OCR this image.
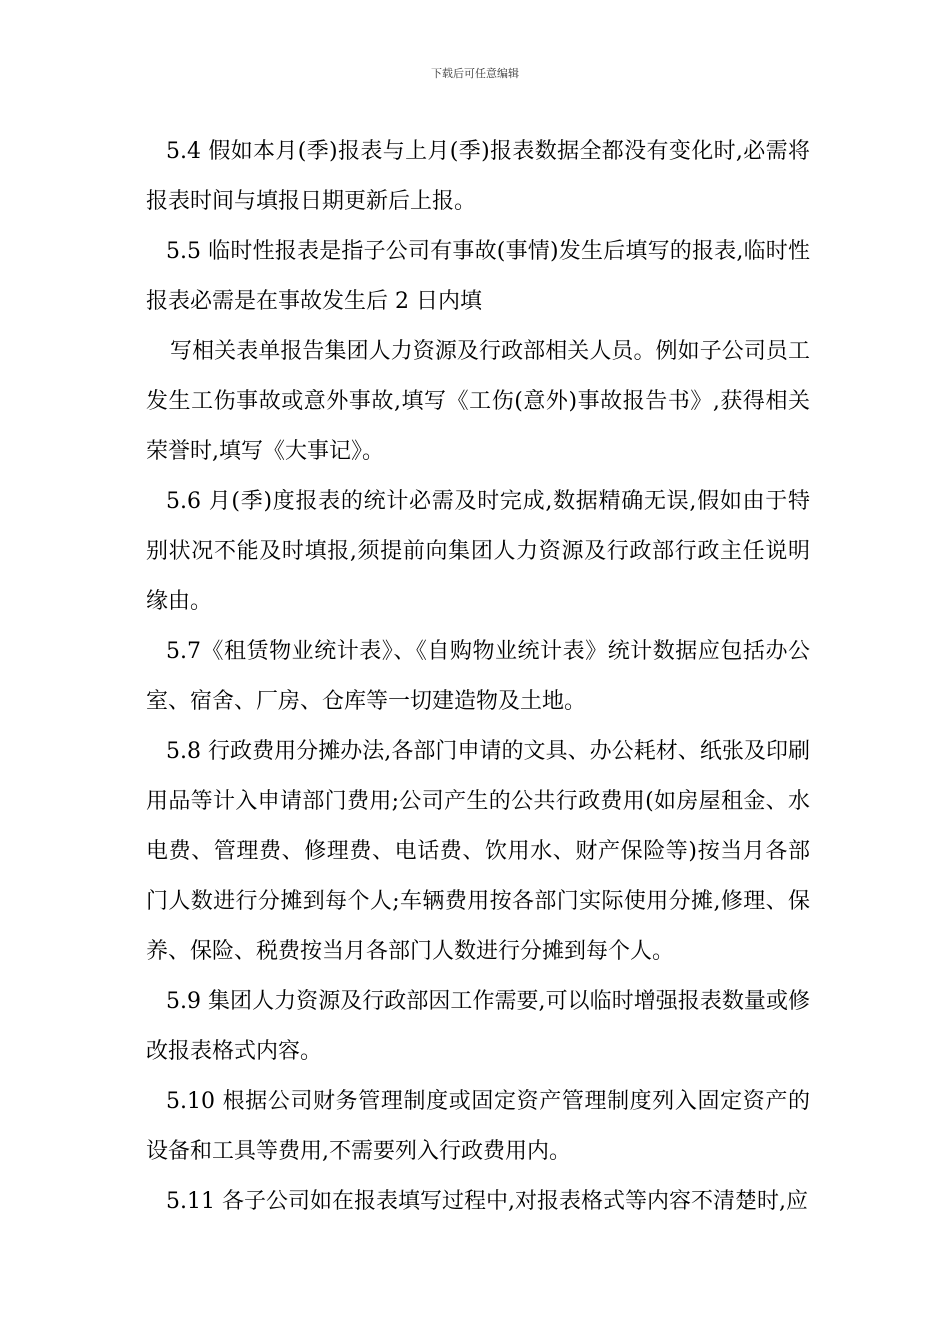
下载后可任意编辑

5.4 假如本月(季)报表与上月(季)报表数据全都没有变化时,必需将报表时间与填报日期更新后上报。

5.5 临时性报表是指子公司有事故(事情)发生后填写的报表,临时性报表必需是在事故发生后 2 日内填

写相关表单报告集团人力资源及行政部相关人员。例如子公司员工发生工伤事故或意外事故,填写《工伤(意外)事故报告书》,获得相关荣誉时,填写《大事记》。

5.6 月(季)度报表的统计必需及时完成,数据精确无误,假如由于特别状况不能及时填报,须提前向集团人力资源及行政部行政主任说明缘由。

5.7《租赁物业统计表》、《自购物业统计表》统计数据应包括办公室、宿舍、厂房、仓库等一切建造物及土地。

5.8 行政费用分摊办法,各部门申请的文具、办公耗材、纸张及印刷用品等计入申请部门费用;公司产生的公共行政费用(如房屋租金、水电费、管理费、修理费、电话费、饮用水、财产保险等)按当月各部门人数进行分摊到每个人;车辆费用按各部门实际使用分摊,修理、保养、保险、税费按当月各部门人数进行分摊到每个人。

5.9 集团人力资源及行政部因工作需要,可以临时增强报表数量或修改报表格式内容。

5.10 根据公司财务管理制度或固定资产管理制度列入固定资产的设备和工具等费用,不需要列入行政费用内。

5.11 各子公司如在报表填写过程中,对报表格式等内容不清楚时,应
